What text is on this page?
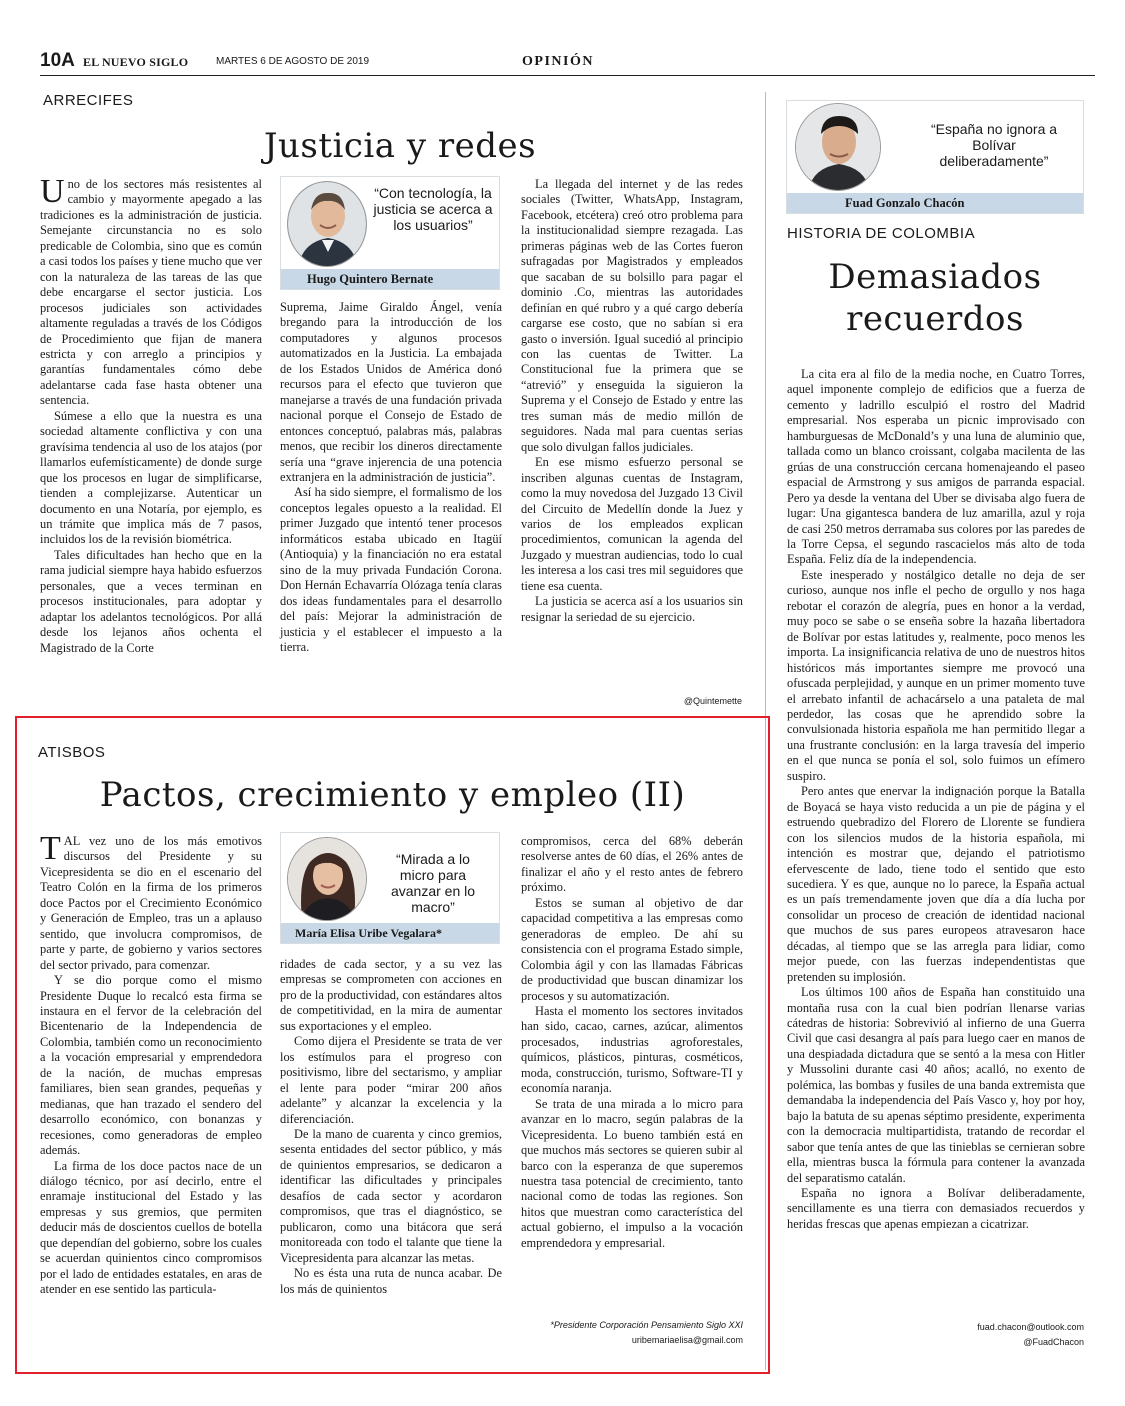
10A EL NUEVO SIGLO	MARTES 6 DE AGOSTO DE 2019	OPINIÓN
ARRECIFES
Justicia y redes
“Con tecnología, la justicia se acerca a los usuarios”
Hugo Quintero Bernate

Uno de los sectores más resistentes al cambio y mayormente apegado a las tradiciones es la administración de justicia. Semejante circunstancia no es solo predicable de Colombia, sino que es común a casi todos los países y tiene mucho que ver con la naturaleza de las tareas de las que debe encargarse el sector justicia. Los procesos judiciales son actividades altamente reguladas a través de los Códigos de Procedimiento que fijan de manera estricta y con arreglo a principios y garantías fundamentales cómo debe adelantarse cada fase hasta obtener una sentencia.

Súmese a ello que la nuestra es una sociedad altamente conflictiva y con una gravísima tendencia al uso de los atajos (por llamarlos eufemísticamente) de donde surge que los procesos en lugar de simplificarse, tienden a complejizarse. Autenticar un documento en una Notaría, por ejemplo, es un trámite que implica más de 7 pasos, incluidos los de la revisión biométrica.

Tales dificultades han hecho que en la rama judicial siempre haya habido esfuerzos personales, que a veces terminan en procesos institucionales, para adoptar y adaptar los adelantos tecnológicos. Por allá desde los lejanos años ochenta el Magistrado de la Corte

Suprema, Jaime Giraldo Ángel, venía bregando para la introducción de los computadores y algunos procesos automatizados en la Justicia. La embajada de los Estados Unidos de América donó recursos para el efecto que tuvieron que manejarse a través de una fundación privada nacional porque el Consejo de Estado de entonces conceptuó, palabras más, palabras menos, que recibir los dineros directamente sería una “grave injerencia de una potencia extranjera en la administración de justicia”.

Así ha sido siempre, el formalismo de los conceptos legales opuesto a la realidad. El primer Juzgado que intentó tener procesos informáticos estaba ubicado en Itagüí (Antioquia) y la financiación no era estatal sino de la muy privada Fundación Corona. Don Hernán Echavarría Olózaga tenía claras dos ideas fundamentales para el desarrollo del país: Mejorar la administración de justicia y el establecer el impuesto a la tierra.

La llegada del internet y de las redes sociales (Twitter, WhatsApp, Instagram, Facebook, etcétera) creó otro problema para la institucionalidad siempre rezagada. Las primeras páginas web de las Cortes fueron sufragadas por Magistrados y empleados que sacaban de su bolsillo para pagar el dominio .Co, mientras las autoridades definían en qué rubro y a qué cargo debería cargarse ese costo, que no sabían si era gasto o inversión. Igual sucedió al principio con las cuentas de Twitter. La Constitucional fue la primera que se “atrevió” y enseguida la siguieron la Suprema y el Consejo de Estado y entre las tres suman más de medio millón de seguidores. Nada mal para cuentas serias que solo divulgan fallos judiciales.

En ese mismo esfuerzo personal se inscriben algunas cuentas de Instagram, como la muy novedosa del Juzgado 13 Civil del Circuito de Medellín donde la Juez y varios de los empleados explican procedimientos, comunican la agenda del Juzgado y muestran audiencias, todo lo cual les interesa a los casi tres mil seguidores que tiene esa cuenta.

La justicia se acerca así a los usuarios sin resignar la seriedad de su ejercicio.

@Quintemette
ATISBOS
Pactos, crecimiento y empleo (II)
“Mirada a lo micro para avanzar en lo macro”
María Elisa Uribe Vegalara*

TAL vez uno de los más emotivos discursos del Presidente y su Vicepresidenta se dio en el escenario del Teatro Colón en la firma de los primeros doce Pactos por el Crecimiento Económico y Generación de Empleo, tras un a aplauso sentido, que involucra compromisos, de parte y parte, de gobierno y varios sectores del sector privado, para comenzar.

Y se dio porque como el mismo Presidente Duque lo recalcó esta firma se instaura en el fervor de la celebración del Bicentenario de la Independencia de Colombia, también como un reconocimiento a la vocación empresarial y emprendedora de la nación, de muchas empresas familiares, bien sean grandes, pequeñas y medianas, que han trazado el sendero del desarrollo económico, con bonanzas y recesiones, como generadoras de empleo además.

La firma de los doce pactos nace de un diálogo técnico, por así decirlo, entre el enramaje institucional del Estado y las empresas y sus gremios, que permiten deducir más de doscientos cuellos de botella que dependían del gobierno, sobre los cuales se acuerdan quinientos cinco compromisos por el lado de entidades estatales, en aras de atender en ese sentido las particula-

ridades de cada sector, y a su vez las empresas se comprometen con acciones en pro de la productividad, con estándares altos de competitividad, en la mira de aumentar sus exportaciones y el empleo.

Como dijera el Presidente se trata de ver los estímulos para el progreso con positivismo, libre del sectarismo, y ampliar el lente para poder “mirar 200 años adelante” y alcanzar la excelencia y la diferenciación.

De la mano de cuarenta y cinco gremios, sesenta entidades del sector público, y más de quinientos empresarios, se dedicaron a identificar las dificultades y principales desafíos de cada sector y acordaron compromisos, que tras el diagnóstico, se publicaron, como una bitácora que será monitoreada con todo el talante que tiene la Vicepresidenta para alcanzar las metas.

No es ésta una ruta de nunca acabar. De los más de quinientos

compromisos, cerca del 68% deberán resolverse antes de 60 días, el 26% antes de finalizar el año y el resto antes de febrero próximo.

Estos se suman al objetivo de dar capacidad competitiva a las empresas como generadoras de empleo. De ahí su consistencia con el programa Estado simple, Colombia ágil y con las llamadas Fábricas de productividad que buscan dinamizar los procesos y su automatización.

Hasta el momento los sectores invitados han sido, cacao, carnes, azúcar, alimentos procesados, industrias agroforestales, químicos, plásticos, pinturas, cosméticos, moda, construcción, turismo, Software-TI y economía naranja.

Se trata de una mirada a lo micro para avanzar en lo macro, según palabras de la Vicepresidenta. Lo bueno también está en que muchos más sectores se quieren subir al barco con la esperanza de que superemos nuestra tasa potencial de crecimiento, tanto nacional como de todas las regiones. Son hitos que muestran como característica del actual gobierno, el impulso a la vocación emprendedora y empresarial.

*Presidente Corporación Pensamiento Siglo XXI
uribemariaelisa@gmail.com
“España no ignora a Bolívar deliberadamente”
Fuad Gonzalo Chacón
HISTORIA DE COLOMBIA
Demasiados
recuerdos

La cita era al filo de la media noche, en Cuatro Torres, aquel imponente complejo de edificios que a fuerza de cemento y ladrillo esculpió el rostro del Madrid empresarial. Nos esperaba un picnic improvisado con hamburguesas de McDonald’s y una luna de aluminio que, tallada como un blanco croissant, colgaba macilenta de las grúas de una construcción cercana homenajeando el paseo espacial de Armstrong y sus amigos de parranda espacial. Pero ya desde la ventana del Uber se divisaba algo fuera de lugar: Una gigantesca bandera de luz amarilla, azul y roja de casi 250 metros derramaba sus colores por las paredes de la Torre Cepsa, el segundo rascacielos más alto de toda España. Feliz día de la independencia.

Este inesperado y nostálgico detalle no deja de ser curioso, aunque nos infle el pecho de orgullo y nos haga rebotar el corazón de alegría, pues en honor a la verdad, muy poco se sabe o se enseña sobre la hazaña libertadora de Bolívar por estas latitudes y, realmente, poco menos les importa. La insignificancia relativa de uno de nuestros hitos históricos más importantes siempre me provocó una ofuscada perplejidad, y aunque en un primer momento tuve el arrebato infantil de achacárselo a una pataleta de mal perdedor, las cosas que he aprendido sobre la convulsionada historia española me han permitido llegar a una frustrante conclusión: en la larga travesía del imperio en el que nunca se ponía el sol, solo fuimos un efímero suspiro.

Pero antes que enervar la indignación porque la Batalla de Boyacá se haya visto reducida a un pie de página y el estruendo quebradizo del Florero de Llorente se fundiera con los silencios mudos de la historia española, mi intención es mostrar que, dejando el patriotismo efervescente de lado, tiene todo el sentido que esto sucediera. Y es que, aunque no lo parece, la España actual es un país tremendamente joven que día a día lucha por consolidar un proceso de creación de identidad nacional que muchos de sus pares europeos atravesaron hace décadas, al tiempo que se las arregla para lidiar, como mejor puede, con las fuerzas independentistas que pretenden su implosión.

Los últimos 100 años de España han constituido una montaña rusa con la cual bien podrían llenarse varias cátedras de historia: Sobrevivió al infierno de una Guerra Civil que casi desangra al país para luego caer en manos de una despiadada dictadura que se sentó a la mesa con Hitler y Mussolini durante casi 40 años; acalló, no exento de polémica, las bombas y fusiles de una banda extremista que demandaba la independencia del País Vasco y, hoy por hoy, bajo la batuta de su apenas séptimo presidente, experimenta con la democracia multipartidista, tratando de recordar el sabor que tenía antes de que las tinieblas se cernieran sobre ella, mientras busca la fórmula para contener la avanzada del separatismo catalán.

España no ignora a Bolívar deliberadamente, sencillamente es una tierra con demasiados recuerdos y heridas frescas que apenas empiezan a cicatrizar.

fuad.chacon@outlook.com
@FuadChacon
